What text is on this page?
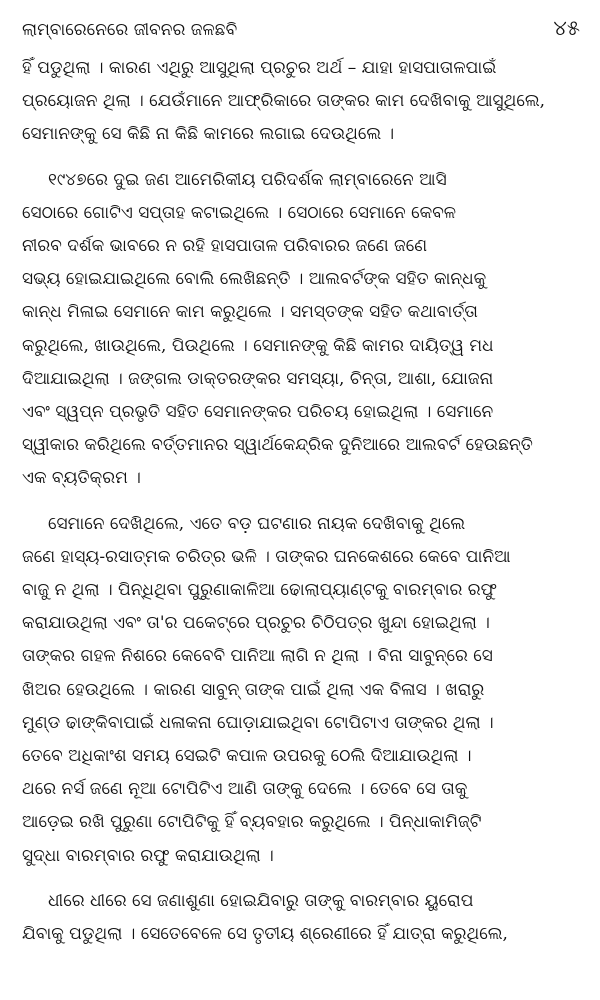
ଲାମ୍ବାରେନେରେ ଜୀବନର ଜଳଛବି	୪୫
ହିଁ ପଡୁଥିଲା । କାରଣ ଏଥିରୁ ଆସୁଥିଲା ପ୍ରଚୁର ଅର୍ଥ – ଯାହା ହାସପାତାଳପାଇଁ
ପ୍ରୟୋଜନ ଥିଲା । ଯେଉଁମାନେ ଆଫ୍ରିକାରେ ତାଙ୍କର କାମ ଦେଖିବାକୁ ଆସୁଥିଲେ,
ସେମାନଙ୍କୁ ସେ କିଛି ନା କିଛି କାମରେ ଲଗାଇ ଦେଉଥିଲେ ।
୧୯୪୭ରେ ଦୁଇ ଜଣ ଆମେରିକୀୟ ପରିଦର୍ଶକ ଲାମ୍ବାରେନେ ଆସି
ସେଠାରେ ଗୋଟିଏ ସପ୍ତାହ କଟାଇଥିଲେ । ସେଠାରେ ସେମାନେ କେବଳ
ନୀରବ ଦର୍ଶକ ଭାବରେ ନ ରହି ହାସପାତାଳ ପରିବାରର ଜଣେ ଜଣେ
ସଭ୍ୟ ହୋଇଯାଇଥିଲେ ବୋଲି ଲେଖିଛନ୍ତି । ଆଲବର୍ଟଙ୍କ ସହିତ କାନ୍ଧକୁ
କାନ୍ଧ ମିଳାଇ ସେମାନେ କାମ କରୁଥିଲେ । ସମସ୍ତଙ୍କ ସହିତ କଥାବାର୍ତ୍ତା
କରୁଥିଲେ, ଖାଉଥିଲେ, ପିଉଥିଲେ । ସେମାନଙ୍କୁ କିଛି କାମର ଦାୟିତ୍ୱ ମଧ
ଦିଆଯାଇଥିଲା । ଜଙ୍ଗଲ ଡାକ୍ତରଙ୍କର ସମସ୍ୟା, ଚିନ୍ତା, ଆଶା, ଯୋଜନା
ଏବଂ ସ୍ୱପ୍ନ ପ୍ରଭୃତି ସହିତ ସେମାନଙ୍କର ପରିଚୟ ହୋଇଥିଲା । ସେମାନେ
ସ୍ୱୀକାର କରିଥିଲେ ବର୍ତ୍ତମାନର ସ୍ୱାର୍ଥକେନ୍ଦ୍ରିକ ଦୁନିଆରେ ଆଲବର୍ଟ ହେଉଛନ୍ତି
ଏକ ବ୍ୟତିକ୍ରମ ।
ସେମାନେ ଦେଖିଥିଲେ, ଏତେ ବଡ଼ ଘଟଣାର ନାୟକ ଦେଖିବାକୁ ଥିଲେ
ଜଣେ ହାସ୍ୟ-ରସାତ୍ମକ ଚରିତ୍ର ଭଳି । ତାଙ୍କର ଘନକେଶରେ କେବେ ପାନିଆ
ବାଜୁ ନ ଥିଲା । ପିନ୍ଧିଥିବା ପୁରୁଣାକାଳିଆ ଢୋଲାପ୍ୟାଣ୍ଟକୁ ବାରମ୍ବାର ରଫୁ
କରାଯାଉଥିଲା ଏବଂ ତା'ର ପକେଟ୍‌ରେ ପ୍ରଚୁର ଚିଠିପତ୍ର ଖୁନ୍ଦା ହୋଇଥିଲା ।
ତାଙ୍କର ଗହଳ ନିଶରେ କେବେବି ପାନିଆ ଲାଗି ନ ଥିଲା । ବିନା ସାବୁନ୍‌ରେ ସେ
ଖିଅର ହେଉଥିଲେ । କାରଣ ସାବୁନ୍ ତାଙ୍କ ପାଇଁ ଥିଲା ଏକ ବିଳାସ । ଖରାରୁ
ମୁଣ୍ଡ ଢାଙ୍କିବାପାଇଁ ଧଳାକନା ଘୋଡ଼ାଯାଇଥିବା ଟୋପିଟାଏ ତାଙ୍କର ଥିଲା ।
ତେବେ ଅଧିକାଂଶ ସମୟ ସେଇଟି କପାଳ ଉପରକୁ ଠେଲି ଦିଆଯାଉଥିଲା ।
ଥରେ ନର୍ସ ଜଣେ ନୂଆ ଟୋପିଟିଏ ଆଣି ତାଙ୍କୁ ଦେଲେ । ତେବେ ସେ ତାକୁ
ଆଡ଼େଇ ରଖି ପୁରୁଣା ଟୋପିଟିକୁ ହିଁ ବ୍ୟବହାର କରୁଥିଲେ । ପିନ୍ଧାକାମିଜ୍‌ଟି
ସୁଦ୍ଧା ବାରମ୍ବାର ରଫୁ କରାଯାଉଥିଲା ।
ଧୀରେ ଧୀରେ ସେ ଜଣାଶୁଣା ହୋଇଯିବାରୁ ତାଙ୍କୁ ବାରମ୍ବାର ୟୁରୋପ
ଯିବାକୁ ପଡୁଥିଲା । ସେତେବେଳେ ସେ ତୃତୀୟ ଶ୍ରେଣୀରେ ହିଁ ଯାତ୍ରା କରୁଥିଲେ,
